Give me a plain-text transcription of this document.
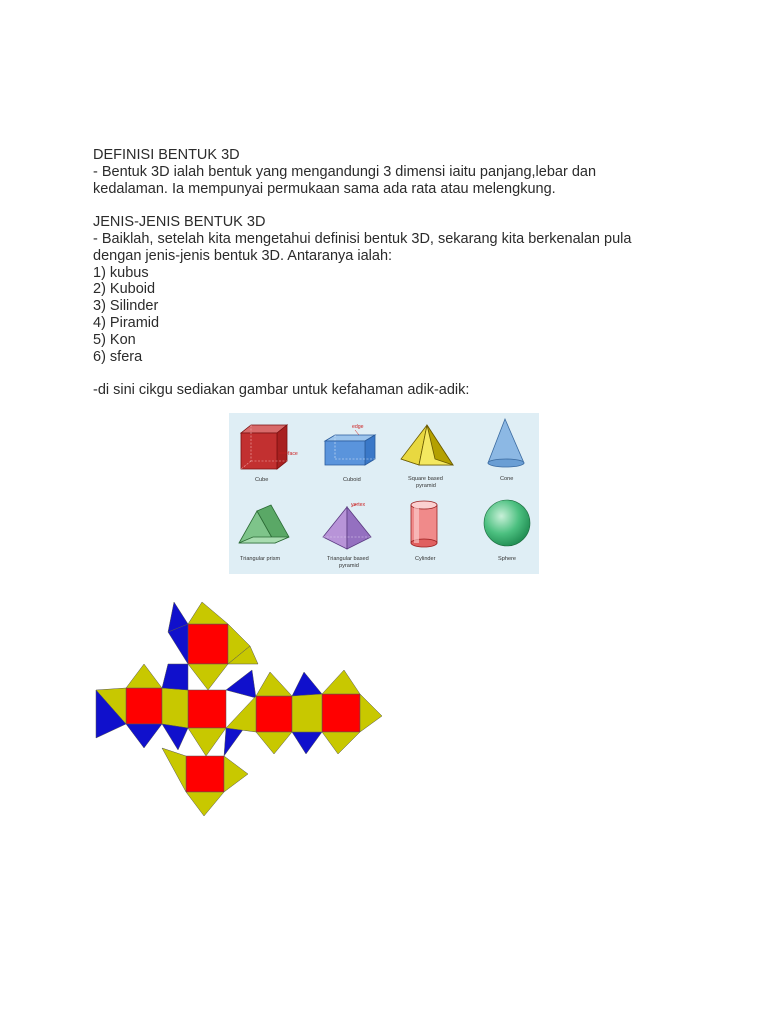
DEFINISI BENTUK 3D

- Bentuk 3D ialah bentuk yang mengandungi 3 dimensi iaitu panjang,lebar dan

kedalaman. Ia mempunyai permukaan sama ada rata atau melengkung.

JENIS-JENIS BENTUK 3D

- Baiklah, setelah kita mengetahui definisi bentuk 3D, sekarang kita berkenalan pula

dengan jenis-jenis bentuk 3D. Antaranya ialah:

1) kubus

2) Kuboid

3) Silinder

4) Piramid

5) Kon

6) sfera

-di sini cikgu sediakan gambar untuk kefahaman adik-adik:

face
Cube
edge
Cuboid	Square based
pyramid
Cone
Triangular prism
vertex
Triangular based
pyramid
Cylinder	Sphere
